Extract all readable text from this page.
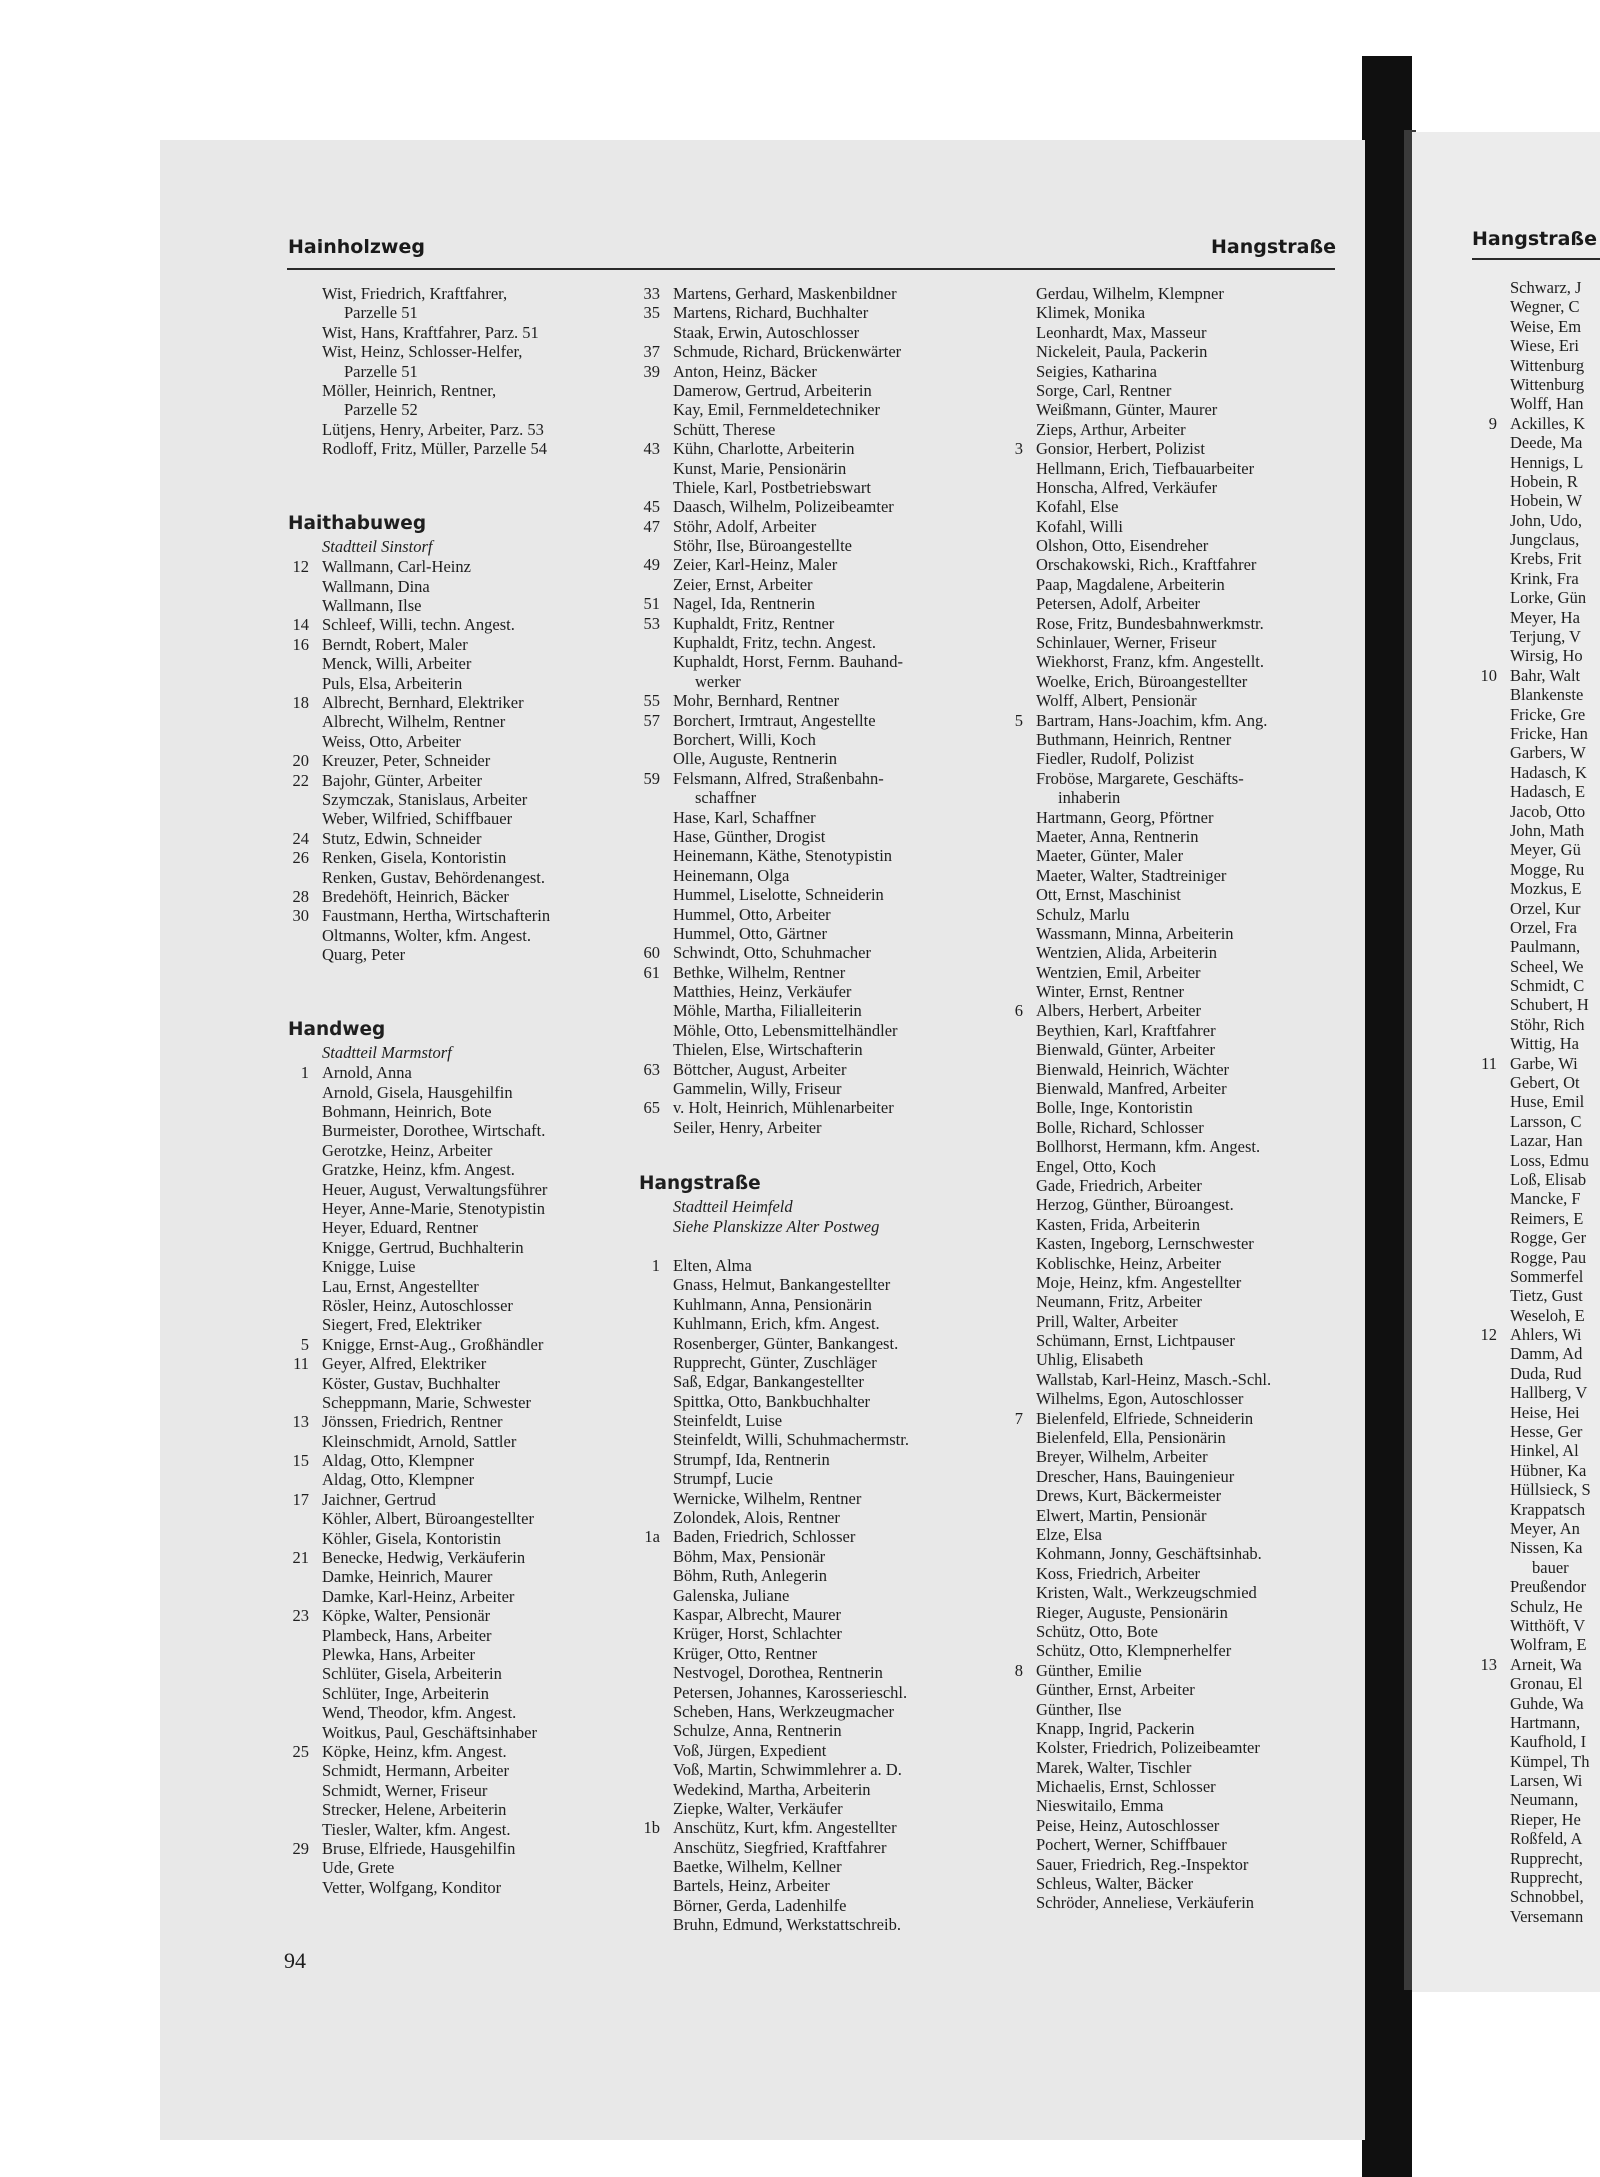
Hainholzweg	Hangstraße	Hangstraße
Wist, Friedrich, Kraftfahrer,
Parzelle 51
Wist, Hans, Kraftfahrer, Parz. 51
Wist, Heinz, Schlosser-Helfer,
Parzelle 51
Möller, Heinrich, Rentner,
Parzelle 52
Lütjens, Henry, Arbeiter, Parz. 53
Rodloff, Fritz, Müller, Parzelle 54
Haithabuweg
Stadtteil Sinstorf
12 Wallmann, Carl-Heinz
Wallmann, Dina
Wallmann, Ilse
14 Schleef, Willi, techn. Angest.
16 Berndt, Robert, Maler
Menck, Willi, Arbeiter
Puls, Elsa, Arbeiterin
18 Albrecht, Bernhard, Elektriker
Albrecht, Wilhelm, Rentner
Weiss, Otto, Arbeiter
20 Kreuzer, Peter, Schneider
22 Bajohr, Günter, Arbeiter
Szymczak, Stanislaus, Arbeiter
Weber, Wilfried, Schiffbauer
24 Stutz, Edwin, Schneider
26 Renken, Gisela, Kontoristin
Renken, Gustav, Behördenangest.
28 Bredehöft, Heinrich, Bäcker
30 Faustmann, Hertha, Wirtschafterin
Oltmanns, Wolter, kfm. Angest.
Quarg, Peter
Handweg
Stadtteil Marmstorf
1 Arnold, Anna
Arnold, Gisela, Hausgehilfin
Bohmann, Heinrich, Bote
Burmeister, Dorothee, Wirtschaft.
Gerotzke, Heinz, Arbeiter
Gratzke, Heinz, kfm. Angest.
Heuer, August, Verwaltungsführer
Heyer, Anne-Marie, Stenotypistin
Heyer, Eduard, Rentner
Knigge, Gertrud, Buchhalterin
Knigge, Luise
Lau, Ernst, Angestellter
Rösler, Heinz, Autoschlosser
Siegert, Fred, Elektriker
5 Knigge, Ernst-Aug., Großhändler
11 Geyer, Alfred, Elektriker
Köster, Gustav, Buchhalter
Scheppmann, Marie, Schwester
13 Jönssen, Friedrich, Rentner
Kleinschmidt, Arnold, Sattler
15 Aldag, Otto, Klempner
Aldag, Otto, Klempner
17 Jaichner, Gertrud
Köhler, Albert, Büroangestellter
Köhler, Gisela, Kontoristin
21 Benecke, Hedwig, Verkäuferin
Damke, Heinrich, Maurer
Damke, Karl-Heinz, Arbeiter
23 Köpke, Walter, Pensionär
Plambeck, Hans, Arbeiter
Plewka, Hans, Arbeiter
Schlüter, Gisela, Arbeiterin
Schlüter, Inge, Arbeiterin
Wend, Theodor, kfm. Angest.
Woitkus, Paul, Geschäftsinhaber
25 Köpke, Heinz, kfm. Angest.
Schmidt, Hermann, Arbeiter
Schmidt, Werner, Friseur
Strecker, Helene, Arbeiterin
Tiesler, Walter, kfm. Angest.
29 Bruse, Elfriede, Hausgehilfin
Ude, Grete
Vetter, Wolfgang, Konditor
33 Martens, Gerhard, Maskenbildner
35 Martens, Richard, Buchhalter
Staak, Erwin, Autoschlosser
37 Schmude, Richard, Brückenwärter
39 Anton, Heinz, Bäcker
Damerow, Gertrud, Arbeiterin
Kay, Emil, Fernmeldetechniker
Schütt, Therese
43 Kühn, Charlotte, Arbeiterin
Kunst, Marie, Pensionärin
Thiele, Karl, Postbetriebswart
45 Daasch, Wilhelm, Polizeibeamter
47 Stöhr, Adolf, Arbeiter
Stöhr, Ilse, Büroangestellte
49 Zeier, Karl-Heinz, Maler
Zeier, Ernst, Arbeiter
51 Nagel, Ida, Rentnerin
53 Kuphaldt, Fritz, Rentner
Kuphaldt, Fritz, techn. Angest.
Kuphaldt, Horst, Fernm. Bauhand-
werker
55 Mohr, Bernhard, Rentner
57 Borchert, Irmtraut, Angestellte
Borchert, Willi, Koch
Olle, Auguste, Rentnerin
59 Felsmann, Alfred, Straßenbahn-
schaffner
Hase, Karl, Schaffner
Hase, Günther, Drogist
Heinemann, Käthe, Stenotypistin
Heinemann, Olga
Hummel, Liselotte, Schneiderin
Hummel, Otto, Arbeiter
Hummel, Otto, Gärtner
60 Schwindt, Otto, Schuhmacher
61 Bethke, Wilhelm, Rentner
Matthies, Heinz, Verkäufer
Möhle, Martha, Filialleiterin
Möhle, Otto, Lebensmittelhändler
Thielen, Else, Wirtschafterin
63 Böttcher, August, Arbeiter
Gammelin, Willy, Friseur
65 v. Holt, Heinrich, Mühlenarbeiter
Seiler, Henry, Arbeiter
Hangstraße
Stadtteil Heimfeld
Siehe Planskizze Alter Postweg
1 Elten, Alma
Gnass, Helmut, Bankangestellter
Kuhlmann, Anna, Pensionärin
Kuhlmann, Erich, kfm. Angest.
Rosenberger, Günter, Bankangest.
Rupprecht, Günter, Zuschläger
Saß, Edgar, Bankangestellter
Spittka, Otto, Bankbuchhalter
Steinfeldt, Luise
Steinfeldt, Willi, Schuhmachermstr.
Strumpf, Ida, Rentnerin
Strumpf, Lucie
Wernicke, Wilhelm, Rentner
Zolondek, Alois, Rentner
1a Baden, Friedrich, Schlosser
Böhm, Max, Pensionär
Böhm, Ruth, Anlegerin
Galenska, Juliane
Kaspar, Albrecht, Maurer
Krüger, Horst, Schlachter
Krüger, Otto, Rentner
Nestvogel, Dorothea, Rentnerin
Petersen, Johannes, Karosserieschl.
Scheben, Hans, Werkzeugmacher
Schulze, Anna, Rentnerin
Voß, Jürgen, Expedient
Voß, Martin, Schwimmlehrer a. D.
Wedekind, Martha, Arbeiterin
Ziepke, Walter, Verkäufer
1b Anschütz, Kurt, kfm. Angestellter
Anschütz, Siegfried, Kraftfahrer
Baetke, Wilhelm, Kellner
Bartels, Heinz, Arbeiter
Börner, Gerda, Ladenhilfe
Bruhn, Edmund, Werkstattschreib.
Gerdau, Wilhelm, Klempner
Klimek, Monika
Leonhardt, Max, Masseur
Nickeleit, Paula, Packerin
Seigies, Katharina
Sorge, Carl, Rentner
Weißmann, Günter, Maurer
Zieps, Arthur, Arbeiter
3 Gonsior, Herbert, Polizist
Hellmann, Erich, Tiefbauarbeiter
Honscha, Alfred, Verkäufer
Kofahl, Else
Kofahl, Willi
Olshon, Otto, Eisendreher
Orschakowski, Rich., Kraftfahrer
Paap, Magdalene, Arbeiterin
Petersen, Adolf, Arbeiter
Rose, Fritz, Bundesbahnwerkmstr.
Schinlauer, Werner, Friseur
Wiekhorst, Franz, kfm. Angestellt.
Woelke, Erich, Büroangestellter
Wolff, Albert, Pensionär
5 Bartram, Hans-Joachim, kfm. Ang.
Buthmann, Heinrich, Rentner
Fiedler, Rudolf, Polizist
Froböse, Margarete, Geschäfts-
inhaberin
Hartmann, Georg, Pförtner
Maeter, Anna, Rentnerin
Maeter, Günter, Maler
Maeter, Walter, Stadtreiniger
Ott, Ernst, Maschinist
Schulz, Marlu
Wassmann, Minna, Arbeiterin
Wentzien, Alida, Arbeiterin
Wentzien, Emil, Arbeiter
Winter, Ernst, Rentner
6 Albers, Herbert, Arbeiter
Beythien, Karl, Kraftfahrer
Bienwald, Günter, Arbeiter
Bienwald, Heinrich, Wächter
Bienwald, Manfred, Arbeiter
Bolle, Inge, Kontoristin
Bolle, Richard, Schlosser
Bollhorst, Hermann, kfm. Angest.
Engel, Otto, Koch
Gade, Friedrich, Arbeiter
Herzog, Günther, Büroangest.
Kasten, Frida, Arbeiterin
Kasten, Ingeborg, Lernschwester
Koblischke, Heinz, Arbeiter
Moje, Heinz, kfm. Angestellter
Neumann, Fritz, Arbeiter
Prill, Walter, Arbeiter
Schümann, Ernst, Lichtpauser
Uhlig, Elisabeth
Wallstab, Karl-Heinz, Masch.-Schl.
Wilhelms, Egon, Autoschlosser
7 Bielenfeld, Elfriede, Schneiderin
Bielenfeld, Ella, Pensionärin
Breyer, Wilhelm, Arbeiter
Drescher, Hans, Bauingenieur
Drews, Kurt, Bäckermeister
Elwert, Martin, Pensionär
Elze, Elsa
Kohmann, Jonny, Geschäftsinhab.
Koss, Friedrich, Arbeiter
Kristen, Walt., Werkzeugschmied
Rieger, Auguste, Pensionärin
Schütz, Otto, Bote
Schütz, Otto, Klempnerhelfer
8 Günther, Emilie
Günther, Ernst, Arbeiter
Günther, Ilse
Knapp, Ingrid, Packerin
Kolster, Friedrich, Polizeibeamter
Marek, Walter, Tischler
Michaelis, Ernst, Schlosser
Nieswitailo, Emma
Peise, Heinz, Autoschlosser
Pochert, Werner, Schiffbauer
Sauer, Friedrich, Reg.-Inspektor
Schleus, Walter, Bäcker
Schröder, Anneliese, Verkäuferin
Schwarz, J
Wegner, C
Weise, Em
Wiese, Eri
Wittenburg
Wittenburg
Wolff, Han
9 Ackilles, K
Deede, Ma
Hennigs, L
Hobein, R
Hobein, W
John, Udo,
Jungclaus,
Krebs, Frit
Krink, Fra
Lorke, Gün
Meyer, Ha
Terjung, V
Wirsig, Ho
10 Bahr, Walt
Blankenste
Fricke, Gre
Fricke, Han
Garbers, W
Hadasch, K
Hadasch, E
Jacob, Otto
John, Math
Meyer, Gü
Mogge, Ru
Mozkus, E
Orzel, Kur
Orzel, Fra
Paulmann,
Scheel, We
Schmidt, C
Schubert, H
Stöhr, Rich
Wittig, Ha
11 Garbe, Wi
Gebert, Ot
Huse, Emil
Larsson, C
Lazar, Han
Loss, Edmu
Loß, Elisab
Mancke, F
Reimers, E
Rogge, Ger
Rogge, Pau
Sommerfel
Tietz, Gust
Weseloh, E
12 Ahlers, Wi
Damm, Ad
Duda, Rud
Hallberg, V
Heise, Hei
Hesse, Ger
Hinkel, Al
Hübner, Ka
Hüllsieck, S
Krappatsch
Meyer, An
Nissen, Ka
bauer
Preußendor
Schulz, He
Witthöft, V
Wolfram, E
13 Arneit, Wa
Gronau, El
Guhde, Wa
Hartmann,
Kaufhold, I
Kümpel, Th
Larsen, Wi
Neumann,
Rieper, He
Roßfeld, A
Rupprecht,
Rupprecht,
Schnobbel,
Versemann
94
